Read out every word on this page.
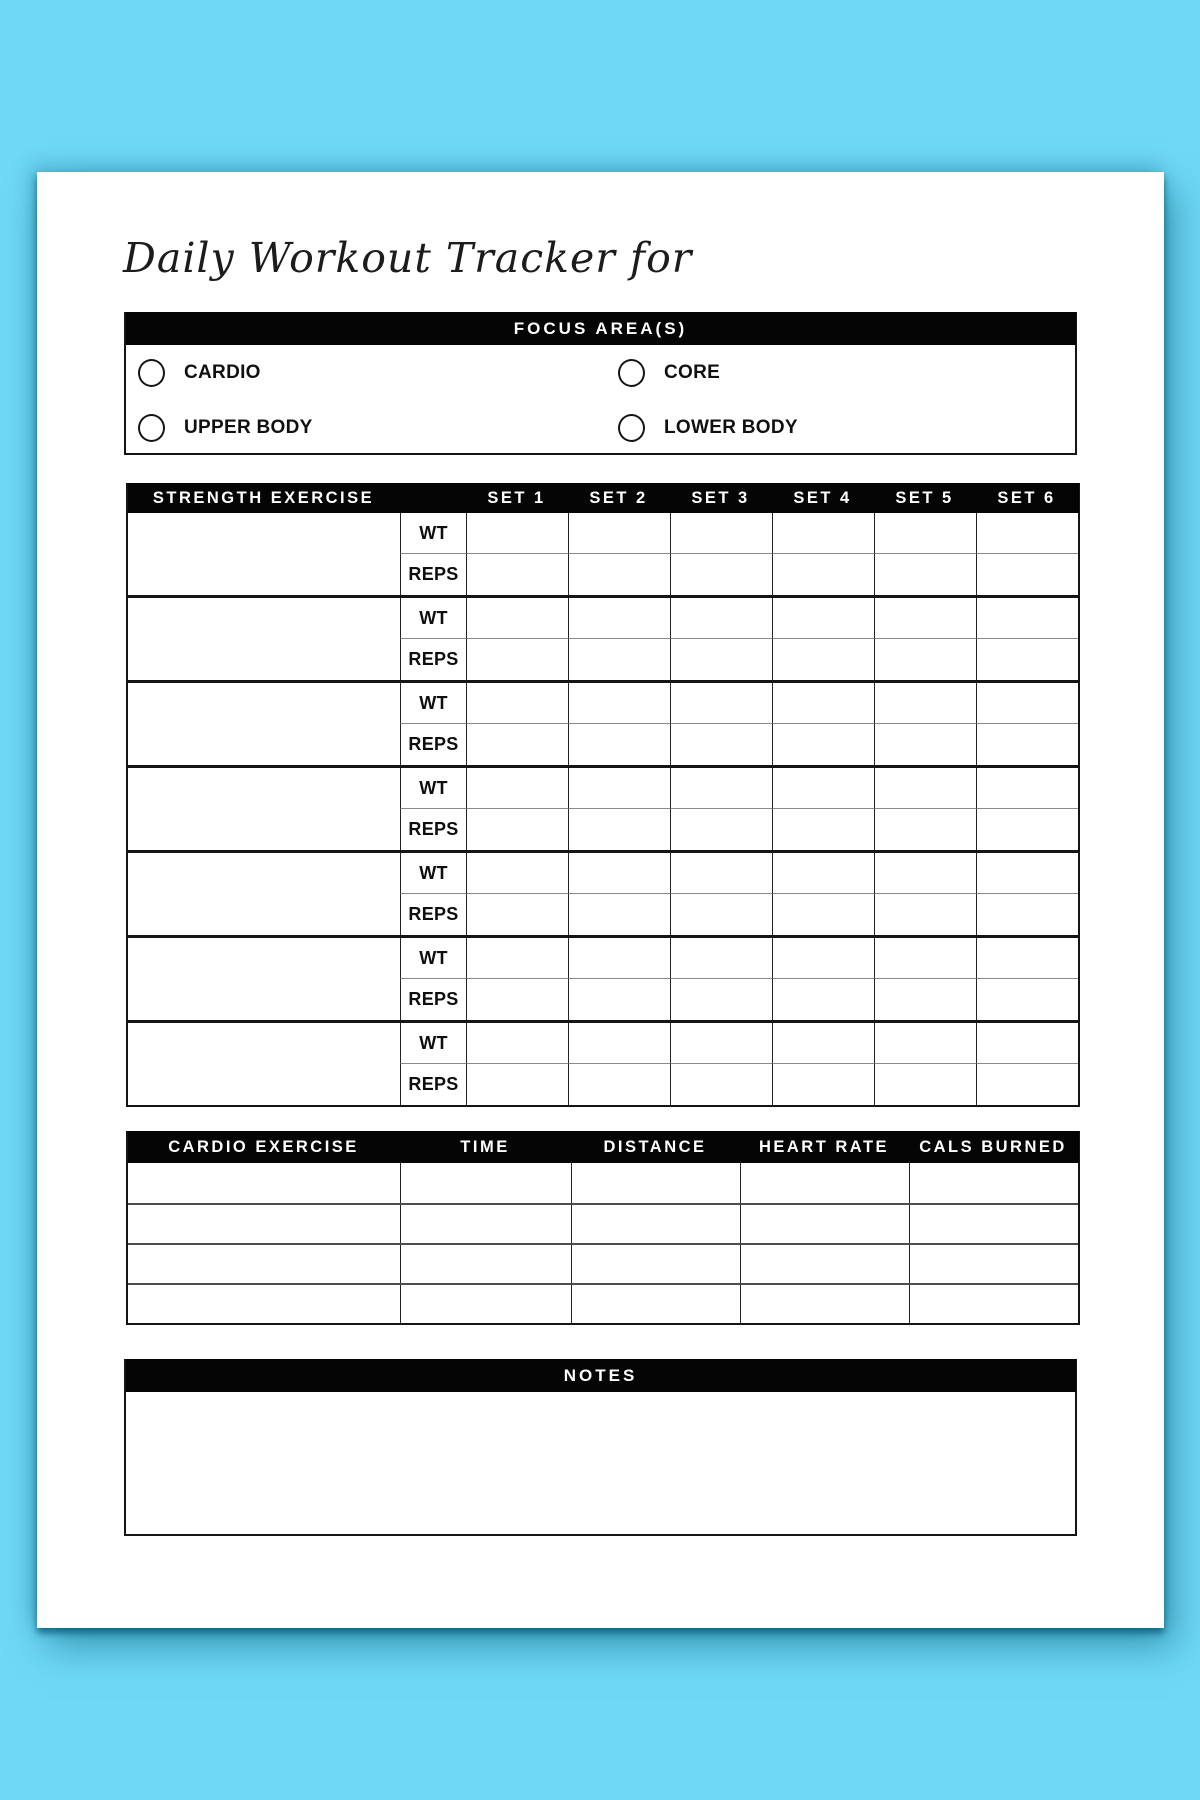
Daily Workout Tracker for
FOCUS AREA(S)
CARDIO	CORE
UPPER BODY	LOWER BODY
STRENGTH EXERCISE	SET 1	SET 2	SET 3	SET 4	SET 5	SET 6
WT
REPS
WT
REPS
WT
REPS
WT
REPS
WT
REPS
WT
REPS
WT
REPS
CARDIO EXERCISE	TIME	DISTANCE	HEART RATE	CALS BURNED
NOTES
